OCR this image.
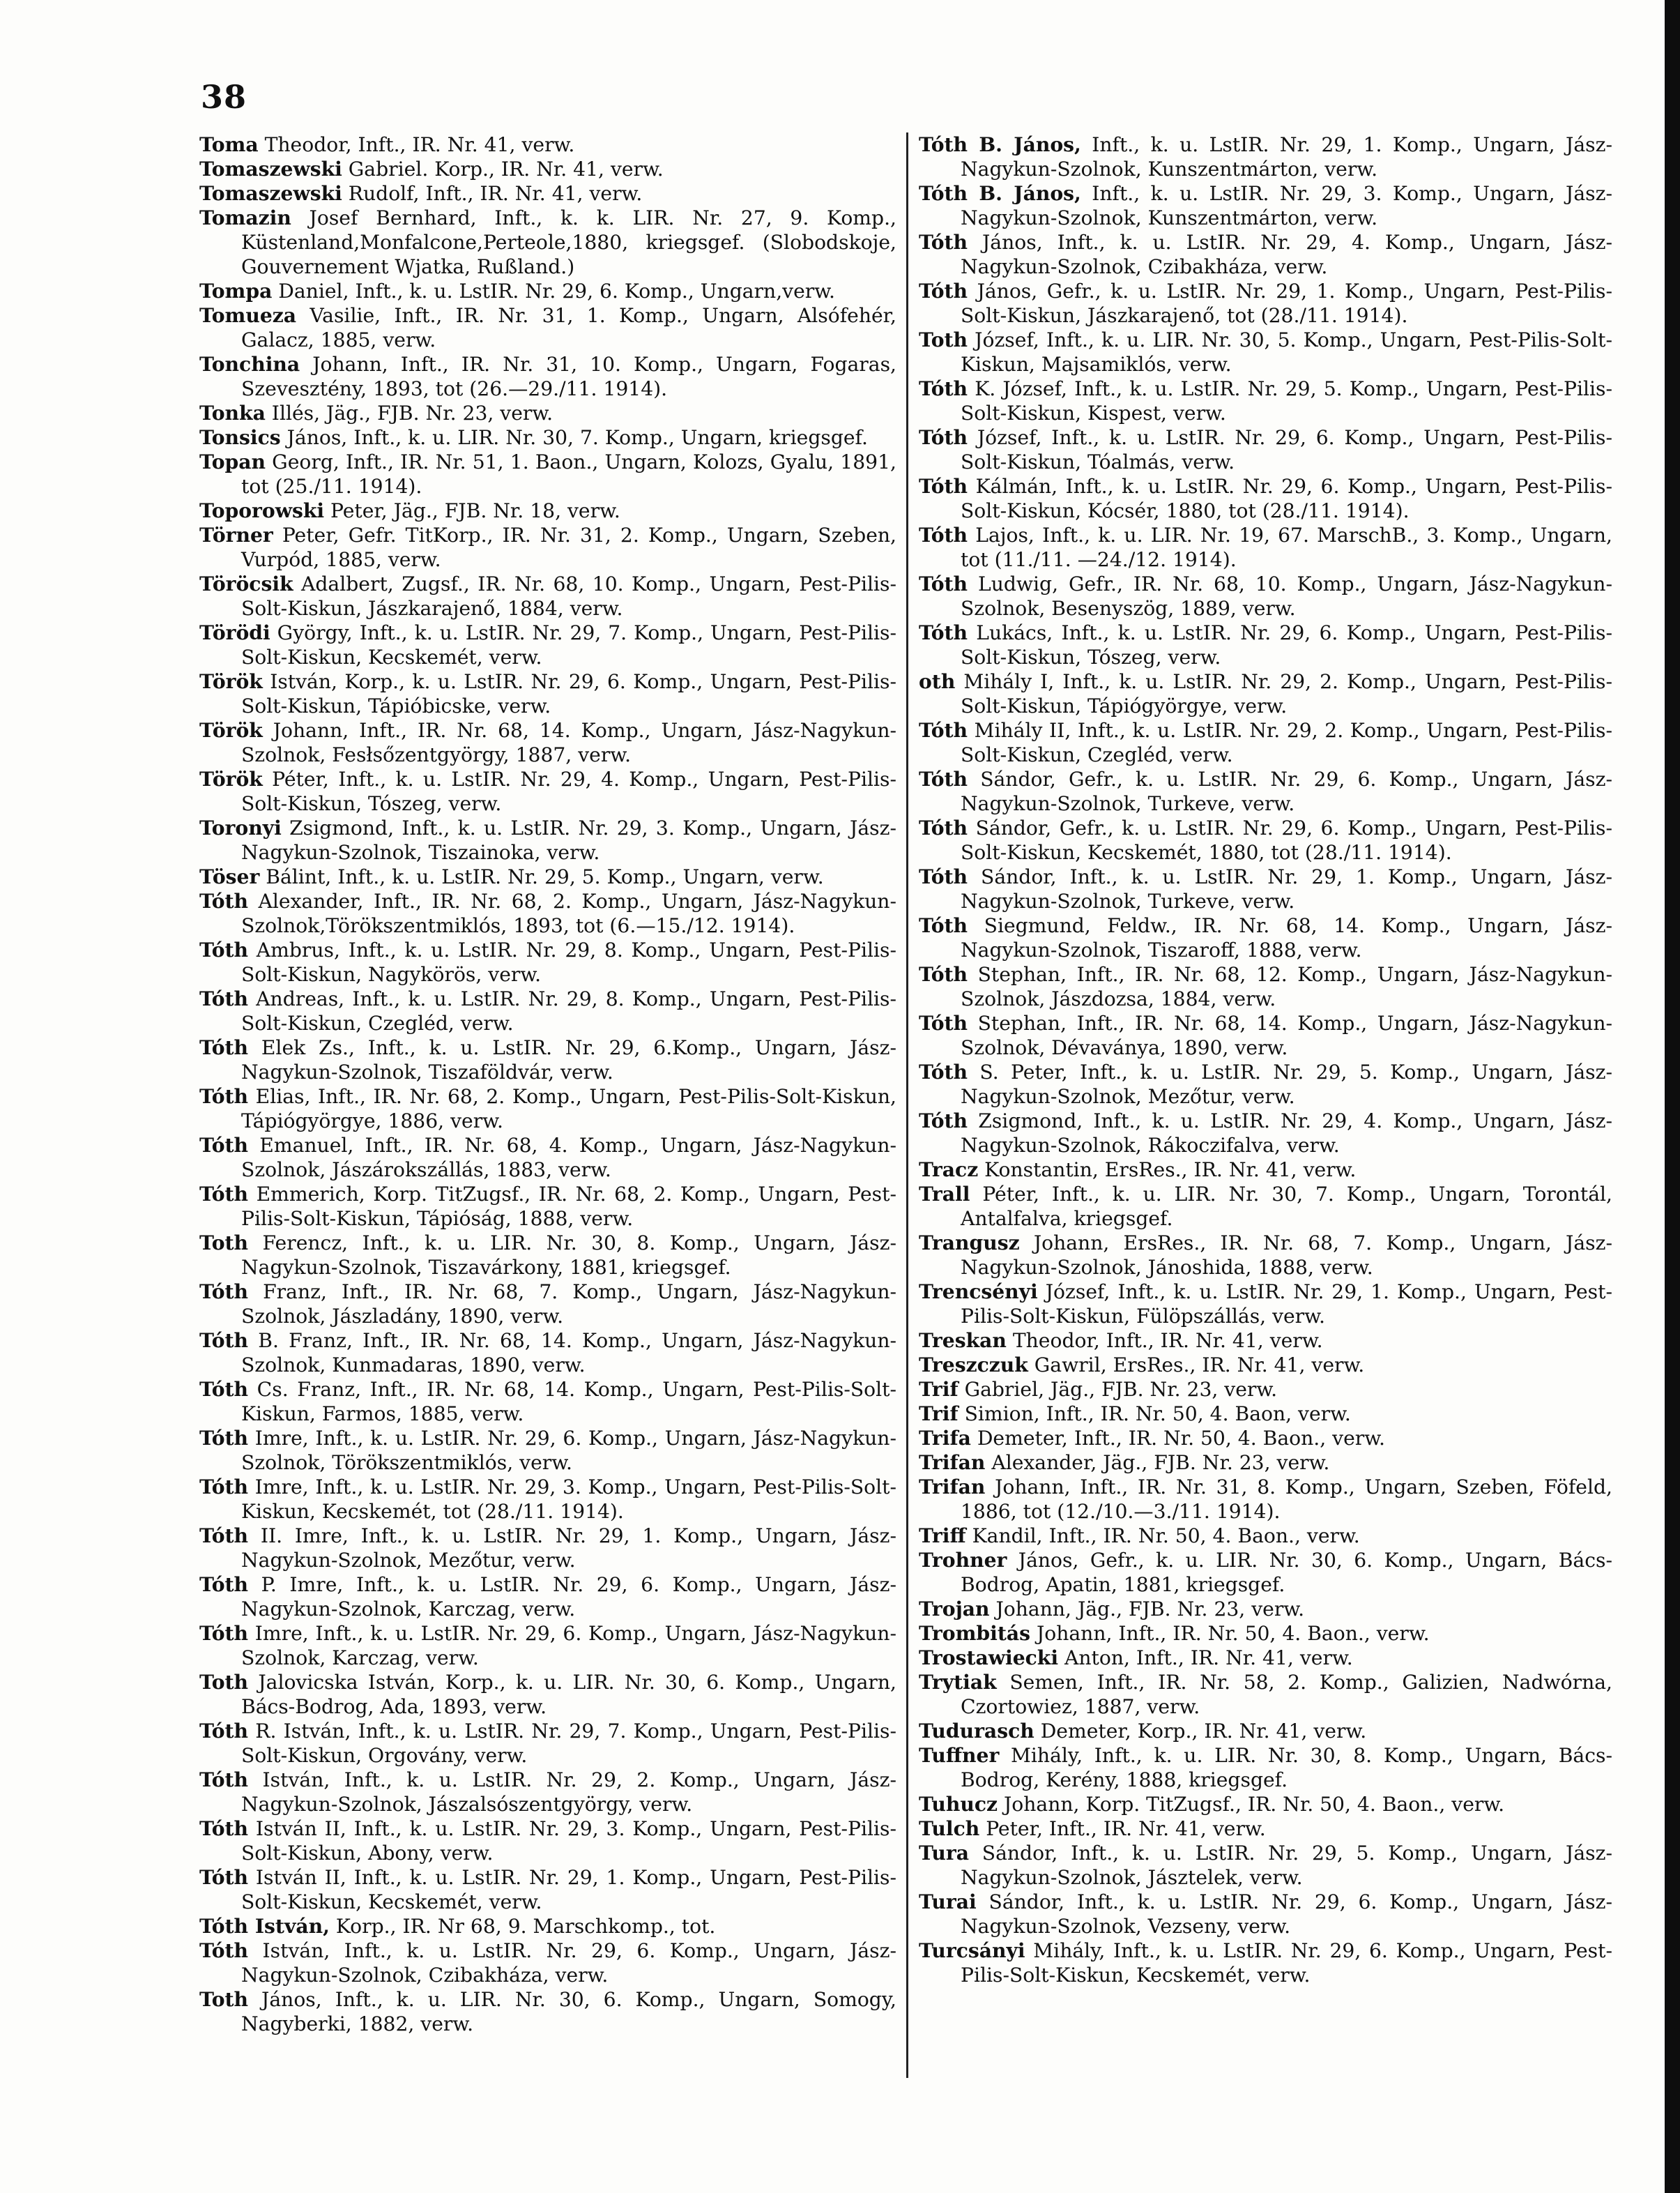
38
Toma Theodor, Inft., IR. Nr. 41, verw.
Tomaszewski Gabriel. Korp., IR. Nr. 41, verw.
Tomaszewski Rudolf, Inft., IR. Nr. 41, verw.
Tomazin Josef Bernhard, Inft., k. k. LIR. Nr. 27, 9. Komp., Küstenland,Monfalcone,Perteole,1880, kriegsgef. (Slobodskoje, Gouvernement Wjatka, Rußland.)
Tompa Daniel, Inft., k. u. LstIR. Nr. 29, 6. Komp., Ungarn,verw.
Tomueza Vasilie, Inft., IR. Nr. 31, 1. Komp., Ungarn, Alsófehér, Galacz, 1885, verw.
Tonchina Johann, Inft., IR. Nr. 31, 10. Komp., Ungarn, Fogaras, Szevesztény, 1893, tot (26.—29./11. 1914).
Tonka Illés, Jäg., FJB. Nr. 23, verw.
Tonsics János, Inft., k. u. LIR. Nr. 30, 7. Komp., Ungarn, kriegsgef.
Topan Georg, Inft., IR. Nr. 51, 1. Baon., Ungarn, Kolozs, Gyalu, 1891, tot (25./11. 1914).
Toporowski Peter, Jäg., FJB. Nr. 18, verw.
Törner Peter, Gefr. TitKorp., IR. Nr. 31, 2. Komp., Ungarn, Szeben, Vurpód, 1885, verw.
Töröcsik Adalbert, Zugsf., IR. Nr. 68, 10. Komp., Ungarn, Pest-Pilis-Solt-Kiskun, Jászkarajenő, 1884, verw.
Törödi György, Inft., k. u. LstIR. Nr. 29, 7. Komp., Ungarn, Pest-Pilis-Solt-Kiskun, Kecskemét, verw.
Török István, Korp., k. u. LstIR. Nr. 29, 6. Komp., Ungarn, Pest-Pilis-Solt-Kiskun, Tápióbicske, verw.
Török Johann, Inft., IR. Nr. 68, 14. Komp., Ungarn, Jász-Nagykun-Szolnok, Fesłsőzentgyörgy, 1887, verw.
Török Péter, Inft., k. u. LstIR. Nr. 29, 4. Komp., Ungarn, Pest-Pilis-Solt-Kiskun, Tószeg, verw.
Toronyi Zsigmond, Inft., k. u. LstIR. Nr. 29, 3. Komp., Ungarn, Jász-Nagykun-Szolnok, Tiszainoka, verw.
Töser Bálint, Inft., k. u. LstIR. Nr. 29, 5. Komp., Ungarn, verw.
Tóth Alexander, Inft., IR. Nr. 68, 2. Komp., Ungarn, Jász-Nagykun-Szolnok,Törökszentmiklós, 1893, tot (6.—15./12. 1914).
Tóth Ambrus, Inft., k. u. LstIR. Nr. 29, 8. Komp., Ungarn, Pest-Pilis-Solt-Kiskun, Nagykörös, verw.
Tóth Andreas, Inft., k. u. LstIR. Nr. 29, 8. Komp., Ungarn, Pest-Pilis-Solt-Kiskun, Czegléd, verw.
Tóth Elek Zs., Inft., k. u. LstIR. Nr. 29, 6.Komp., Ungarn, Jász-Nagykun-Szolnok, Tiszaföldvár, verw.
Tóth Elias, Inft., IR. Nr. 68, 2. Komp., Ungarn, Pest-Pilis-Solt-Kiskun, Tápiógyörgye, 1886, verw.
Tóth Emanuel, Inft., IR. Nr. 68, 4. Komp., Ungarn, Jász-Nagykun-Szolnok, Jászárokszállás, 1883, verw.
Tóth Emmerich, Korp. TitZugsf., IR. Nr. 68, 2. Komp., Ungarn, Pest-Pilis-Solt-Kiskun, Tápióság, 1888, verw.
Toth Ferencz, Inft., k. u. LIR. Nr. 30, 8. Komp., Ungarn, Jász-Nagykun-Szolnok, Tiszavárkony, 1881, kriegsgef.
Tóth Franz, Inft., IR. Nr. 68, 7. Komp., Ungarn, Jász-Nagykun-Szolnok, Jászladány, 1890, verw.
Tóth B. Franz, Inft., IR. Nr. 68, 14. Komp., Ungarn, Jász-Nagykun-Szolnok, Kunmadaras, 1890, verw.
Tóth Cs. Franz, Inft., IR. Nr. 68, 14. Komp., Ungarn, Pest-Pilis-Solt-Kiskun, Farmos, 1885, verw.
Tóth Imre, Inft., k. u. LstIR. Nr. 29, 6. Komp., Ungarn, Jász-Nagykun-Szolnok, Törökszentmiklós, verw.
Tóth Imre, Inft., k. u. LstIR. Nr. 29, 3. Komp., Ungarn, Pest-Pilis-Solt-Kiskun, Kecskemét, tot (28./11. 1914).
Tóth II. Imre, Inft., k. u. LstIR. Nr. 29, 1. Komp., Ungarn, Jász-Nagykun-Szolnok, Mezőtur, verw.
Tóth P. Imre, Inft., k. u. LstIR. Nr. 29, 6. Komp., Ungarn, Jász-Nagykun-Szolnok, Karczag, verw.
Tóth Imre, Inft., k. u. LstIR. Nr. 29, 6. Komp., Ungarn, Jász-Nagykun-Szolnok, Karczag, verw.
Toth Jalovicska István, Korp., k. u. LIR. Nr. 30, 6. Komp., Ungarn, Bács-Bodrog, Ada, 1893, verw.
Tóth R. István, Inft., k. u. LstIR. Nr. 29, 7. Komp., Ungarn, Pest-Pilis-Solt-Kiskun, Orgovány, verw.
Tóth István, Inft., k. u. LstIR. Nr. 29, 2. Komp., Ungarn, Jász-Nagykun-Szolnok, Jászalsószentgyörgy, verw.
Tóth István II, Inft., k. u. LstIR. Nr. 29, 3. Komp., Ungarn, Pest-Pilis-Solt-Kiskun, Abony, verw.
Tóth István II, Inft., k. u. LstIR. Nr. 29, 1. Komp., Ungarn, Pest-Pilis-Solt-Kiskun, Kecskemét, verw.
Tóth István, Korp., IR. Nr 68, 9. Marschkomp., tot.
Tóth István, Inft., k. u. LstIR. Nr. 29, 6. Komp., Ungarn, Jász-Nagykun-Szolnok, Czibakháza, verw.
Toth János, Inft., k. u. LIR. Nr. 30, 6. Komp., Ungarn, Somogy, Nagyberki, 1882, verw.
Tóth B. János, Inft., k. u. LstIR. Nr. 29, 1. Komp., Ungarn, Jász-Nagykun-Szolnok, Kunszentmárton, verw.
Tóth B. János, Inft., k. u. LstIR. Nr. 29, 3. Komp., Ungarn, Jász-Nagykun-Szolnok, Kunszentmárton, verw.
Tóth János, Inft., k. u. LstIR. Nr. 29, 4. Komp., Ungarn, Jász-Nagykun-Szolnok, Czibakháza, verw.
Tóth János, Gefr., k. u. LstIR. Nr. 29, 1. Komp., Ungarn, Pest-Pilis-Solt-Kiskun, Jászkarajenő, tot (28./11. 1914).
Toth József, Inft., k. u. LIR. Nr. 30, 5. Komp., Ungarn, Pest-Pilis-Solt-Kiskun, Majsamiklós, verw.
Tóth K. József, Inft., k. u. LstIR. Nr. 29, 5. Komp., Ungarn, Pest-Pilis-Solt-Kiskun, Kispest, verw.
Tóth József, Inft., k. u. LstIR. Nr. 29, 6. Komp., Ungarn, Pest-Pilis-Solt-Kiskun, Tóalmás, verw.
Tóth Kálmán, Inft., k. u. LstIR. Nr. 29, 6. Komp., Ungarn, Pest-Pilis-Solt-Kiskun, Kócsér, 1880, tot (28./11. 1914).
Tóth Lajos, Inft., k. u. LIR. Nr. 19, 67. MarschB., 3. Komp., Ungarn, tot (11./11. —24./12. 1914).
Tóth Ludwig, Gefr., IR. Nr. 68, 10. Komp., Ungarn, Jász-Nagykun-Szolnok, Besenyszög, 1889, verw.
Tóth Lukács, Inft., k. u. LstIR. Nr. 29, 6. Komp., Ungarn, Pest-Pilis-Solt-Kiskun, Tószeg, verw.
oth Mihály I, Inft., k. u. LstIR. Nr. 29, 2. Komp., Ungarn, Pest-Pilis-Solt-Kiskun, Tápiógyörgye, verw.
Tóth Mihály II, Inft., k. u. LstIR. Nr. 29, 2. Komp., Ungarn, Pest-Pilis-Solt-Kiskun, Czegléd, verw.
Tóth Sándor, Gefr., k. u. LstIR. Nr. 29, 6. Komp., Ungarn, Jász-Nagykun-Szolnok, Turkeve, verw.
Tóth Sándor, Gefr., k. u. LstIR. Nr. 29, 6. Komp., Ungarn, Pest-Pilis-Solt-Kiskun, Kecskemét, 1880, tot (28./11. 1914).
Tóth Sándor, Inft., k. u. LstIR. Nr. 29, 1. Komp., Ungarn, Jász-Nagykun-Szolnok, Turkeve, verw.
Tóth Siegmund, Feldw., IR. Nr. 68, 14. Komp., Ungarn, Jász-Nagykun-Szolnok, Tiszaroff, 1888, verw.
Tóth Stephan, Inft., IR. Nr. 68, 12. Komp., Ungarn, Jász-Nagykun-Szolnok, Jászdozsa, 1884, verw.
Tóth Stephan, Inft., IR. Nr. 68, 14. Komp., Ungarn, Jász-Nagykun-Szolnok, Dévaványa, 1890, verw.
Tóth S. Peter, Inft., k. u. LstIR. Nr. 29, 5. Komp., Ungarn, Jász-Nagykun-Szolnok, Mezőtur, verw.
Tóth Zsigmond, Inft., k. u. LstIR. Nr. 29, 4. Komp., Ungarn, Jász-Nagykun-Szolnok, Rákoczifalva, verw.
Tracz Konstantin, ErsRes., IR. Nr. 41, verw.
Trall Péter, Inft., k. u. LIR. Nr. 30, 7. Komp., Ungarn, Torontál, Antalfalva, kriegsgef.
Trangusz Johann, ErsRes., IR. Nr. 68, 7. Komp., Ungarn, Jász-Nagykun-Szolnok, Jánoshida, 1888, verw.
Trencsényi József, Inft., k. u. LstIR. Nr. 29, 1. Komp., Ungarn, Pest-Pilis-Solt-Kiskun, Fülöpszállás, verw.
Treskan Theodor, Inft., IR. Nr. 41, verw.
Treszczuk Gawril, ErsRes., IR. Nr. 41, verw.
Trif Gabriel, Jäg., FJB. Nr. 23, verw.
Trif Simion, Inft., IR. Nr. 50, 4. Baon, verw.
Trifa Demeter, Inft., IR. Nr. 50, 4. Baon., verw.
Trifan Alexander, Jäg., FJB. Nr. 23, verw.
Trifan Johann, Inft., IR. Nr. 31, 8. Komp., Ungarn, Szeben, Föfeld, 1886, tot (12./10.—3./11. 1914).
Triff Kandil, Inft., IR. Nr. 50, 4. Baon., verw.
Trohner János, Gefr., k. u. LIR. Nr. 30, 6. Komp., Ungarn, Bács-Bodrog, Apatin, 1881, kriegsgef.
Trojan Johann, Jäg., FJB. Nr. 23, verw.
Trombitás Johann, Inft., IR. Nr. 50, 4. Baon., verw.
Trostawiecki Anton, Inft., IR. Nr. 41, verw.
Trytiak Semen, Inft., IR. Nr. 58, 2. Komp., Galizien, Nadwórna, Czortowiez, 1887, verw.
Tudurasch Demeter, Korp., IR. Nr. 41, verw.
Tuffner Mihály, Inft., k. u. LIR. Nr. 30, 8. Komp., Ungarn, Bács-Bodrog, Kerény, 1888, kriegsgef.
Tuhucz Johann, Korp. TitZugsf., IR. Nr. 50, 4. Baon., verw.
Tulch Peter, Inft., IR. Nr. 41, verw.
Tura Sándor, Inft., k. u. LstIR. Nr. 29, 5. Komp., Ungarn, Jász-Nagykun-Szolnok, Jásztelek, verw.
Turai Sándor, Inft., k. u. LstIR. Nr. 29, 6. Komp., Ungarn, Jász-Nagykun-Szolnok, Vezseny, verw.
Turcsányi Mihály, Inft., k. u. LstIR. Nr. 29, 6. Komp., Ungarn, Pest-Pilis-Solt-Kiskun, Kecskemét, verw.
